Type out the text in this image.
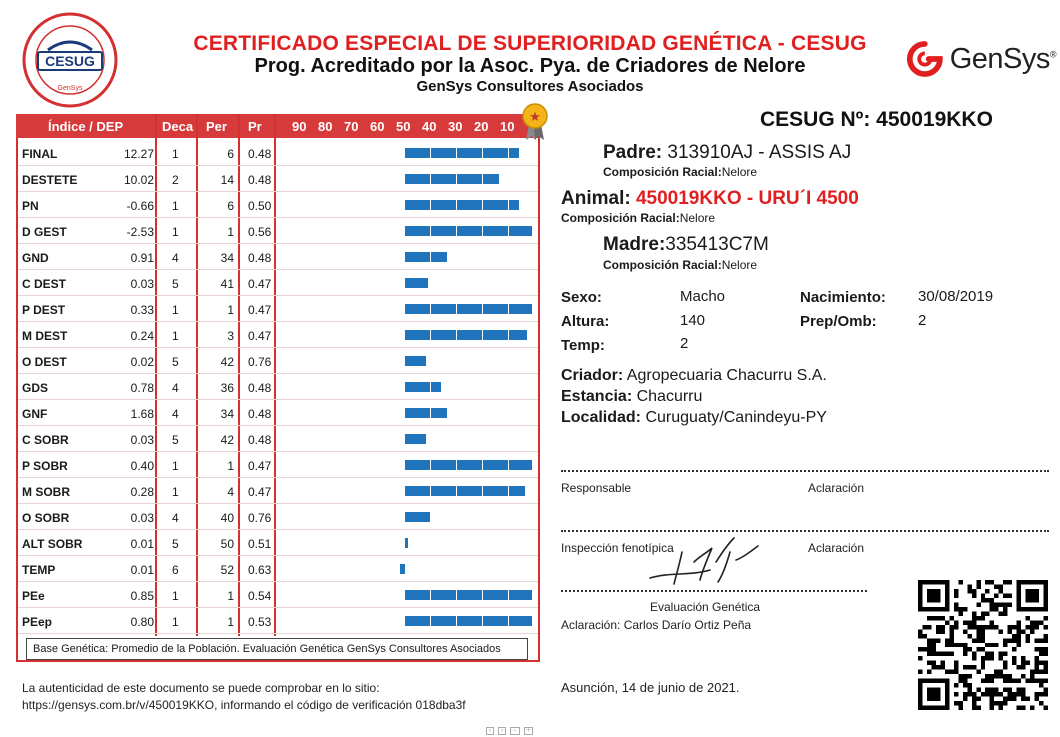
CESUG
GenSys
CERTIFICADO ESPECIAL DE SUPERIORIDAD GENÉTICA - CESUG
Prog. Acreditado por la Asoc. Pya. de Criadores de Nelore
GenSys Consultores Asociados
GenSys®
Índice / DEP	Deca Per Pr 90 80 70 60 50 40 30 20 10
FINAL	12.27 1	6 0.48
DESTETE	10.02 2	14 0.48
PN	-0.66 1	6 0.50
D GEST	-2.53 1	1 0.56
GND	0.91 4	34 0.48
C DEST	0.03 5	41 0.47
P DEST	0.33 1	1 0.47
M DEST	0.24 1	3 0.47
O DEST	0.02 5	42 0.76
GDS	0.78 4	36 0.48
GNF	1.68 4	34 0.48
C SOBR	0.03 5	42 0.48
P SOBR	0.40 1	1 0.47
M SOBR	0.28 1	4 0.47
O SOBR	0.03 4	40 0.76
ALT SOBR	0.01 5	50 0.51
TEMP	0.01 6	52 0.63
PEe	0.85 1	1 0.54
PEep	0.80 1	1 0.53
★
Base Genética: Promedio de la Población. Evaluación Genética GenSys Consultores Asociados
La autenticidad de este documento se puede comprobar en lo sitio:
https://gensys.com.br/v/450019KKO, informando el código de verificación 018dba3f
CESUG Nº: 450019KKO
Padre: 313910AJ - ASSIS AJ
Composición Racial:Nelore
Animal: 450019KKO - URU´I 4500
Composición Racial:Nelore
Madre:335413C7M
Composición Racial:Nelore
Sexo:	Macho	Nacimiento: 30/08/2019
Altura:	140	Prep/Omb:	2
Temp:	2
Criador: Agropecuaria Chacurru S.A.
Estancia: Chacurru
Localidad: Curuguaty/Canindeyu-PY
Responsable	Aclaración
Inspección fenotípica	Aclaración
Evaluación Genética
Aclaración: Carlos Darío Ortiz Peña
Asunción, 14 de junio de 2021.
‹	›	−	+
